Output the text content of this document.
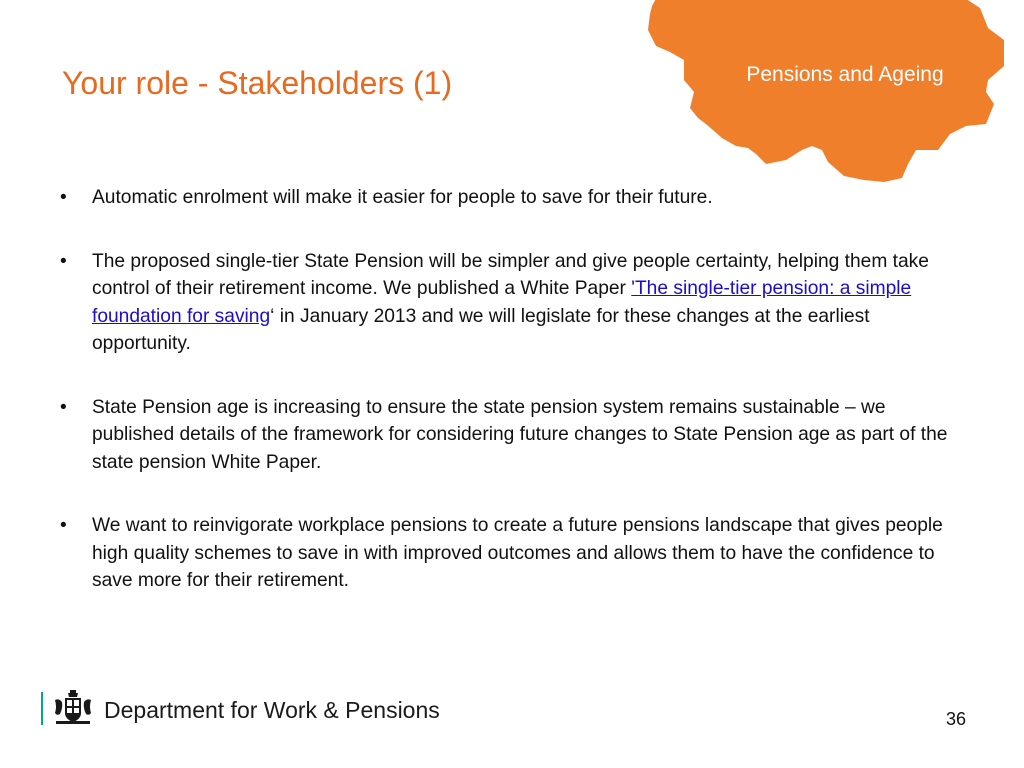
Pensions and Ageing
Your role - Stakeholders (1)
• Automatic enrolment will make it easier for people to save for their future.
• The proposed single-tier State Pension will be simpler and give people certainty, helping them take control of their retirement income. We published a White Paper 'The single-tier pension: a simple foundation for saving‘ in January 2013 and we will legislate for these changes at the earliest opportunity.
• State Pension age is increasing to ensure the state pension system remains sustainable – we published details of the framework for considering future changes to State Pension age as part of the state pension White Paper.
• We want to reinvigorate workplace pensions to create a future pensions landscape that gives people high quality schemes to save in with improved outcomes and allows them to have the confidence to save more for their retirement.
Department for Work & Pensions	36
